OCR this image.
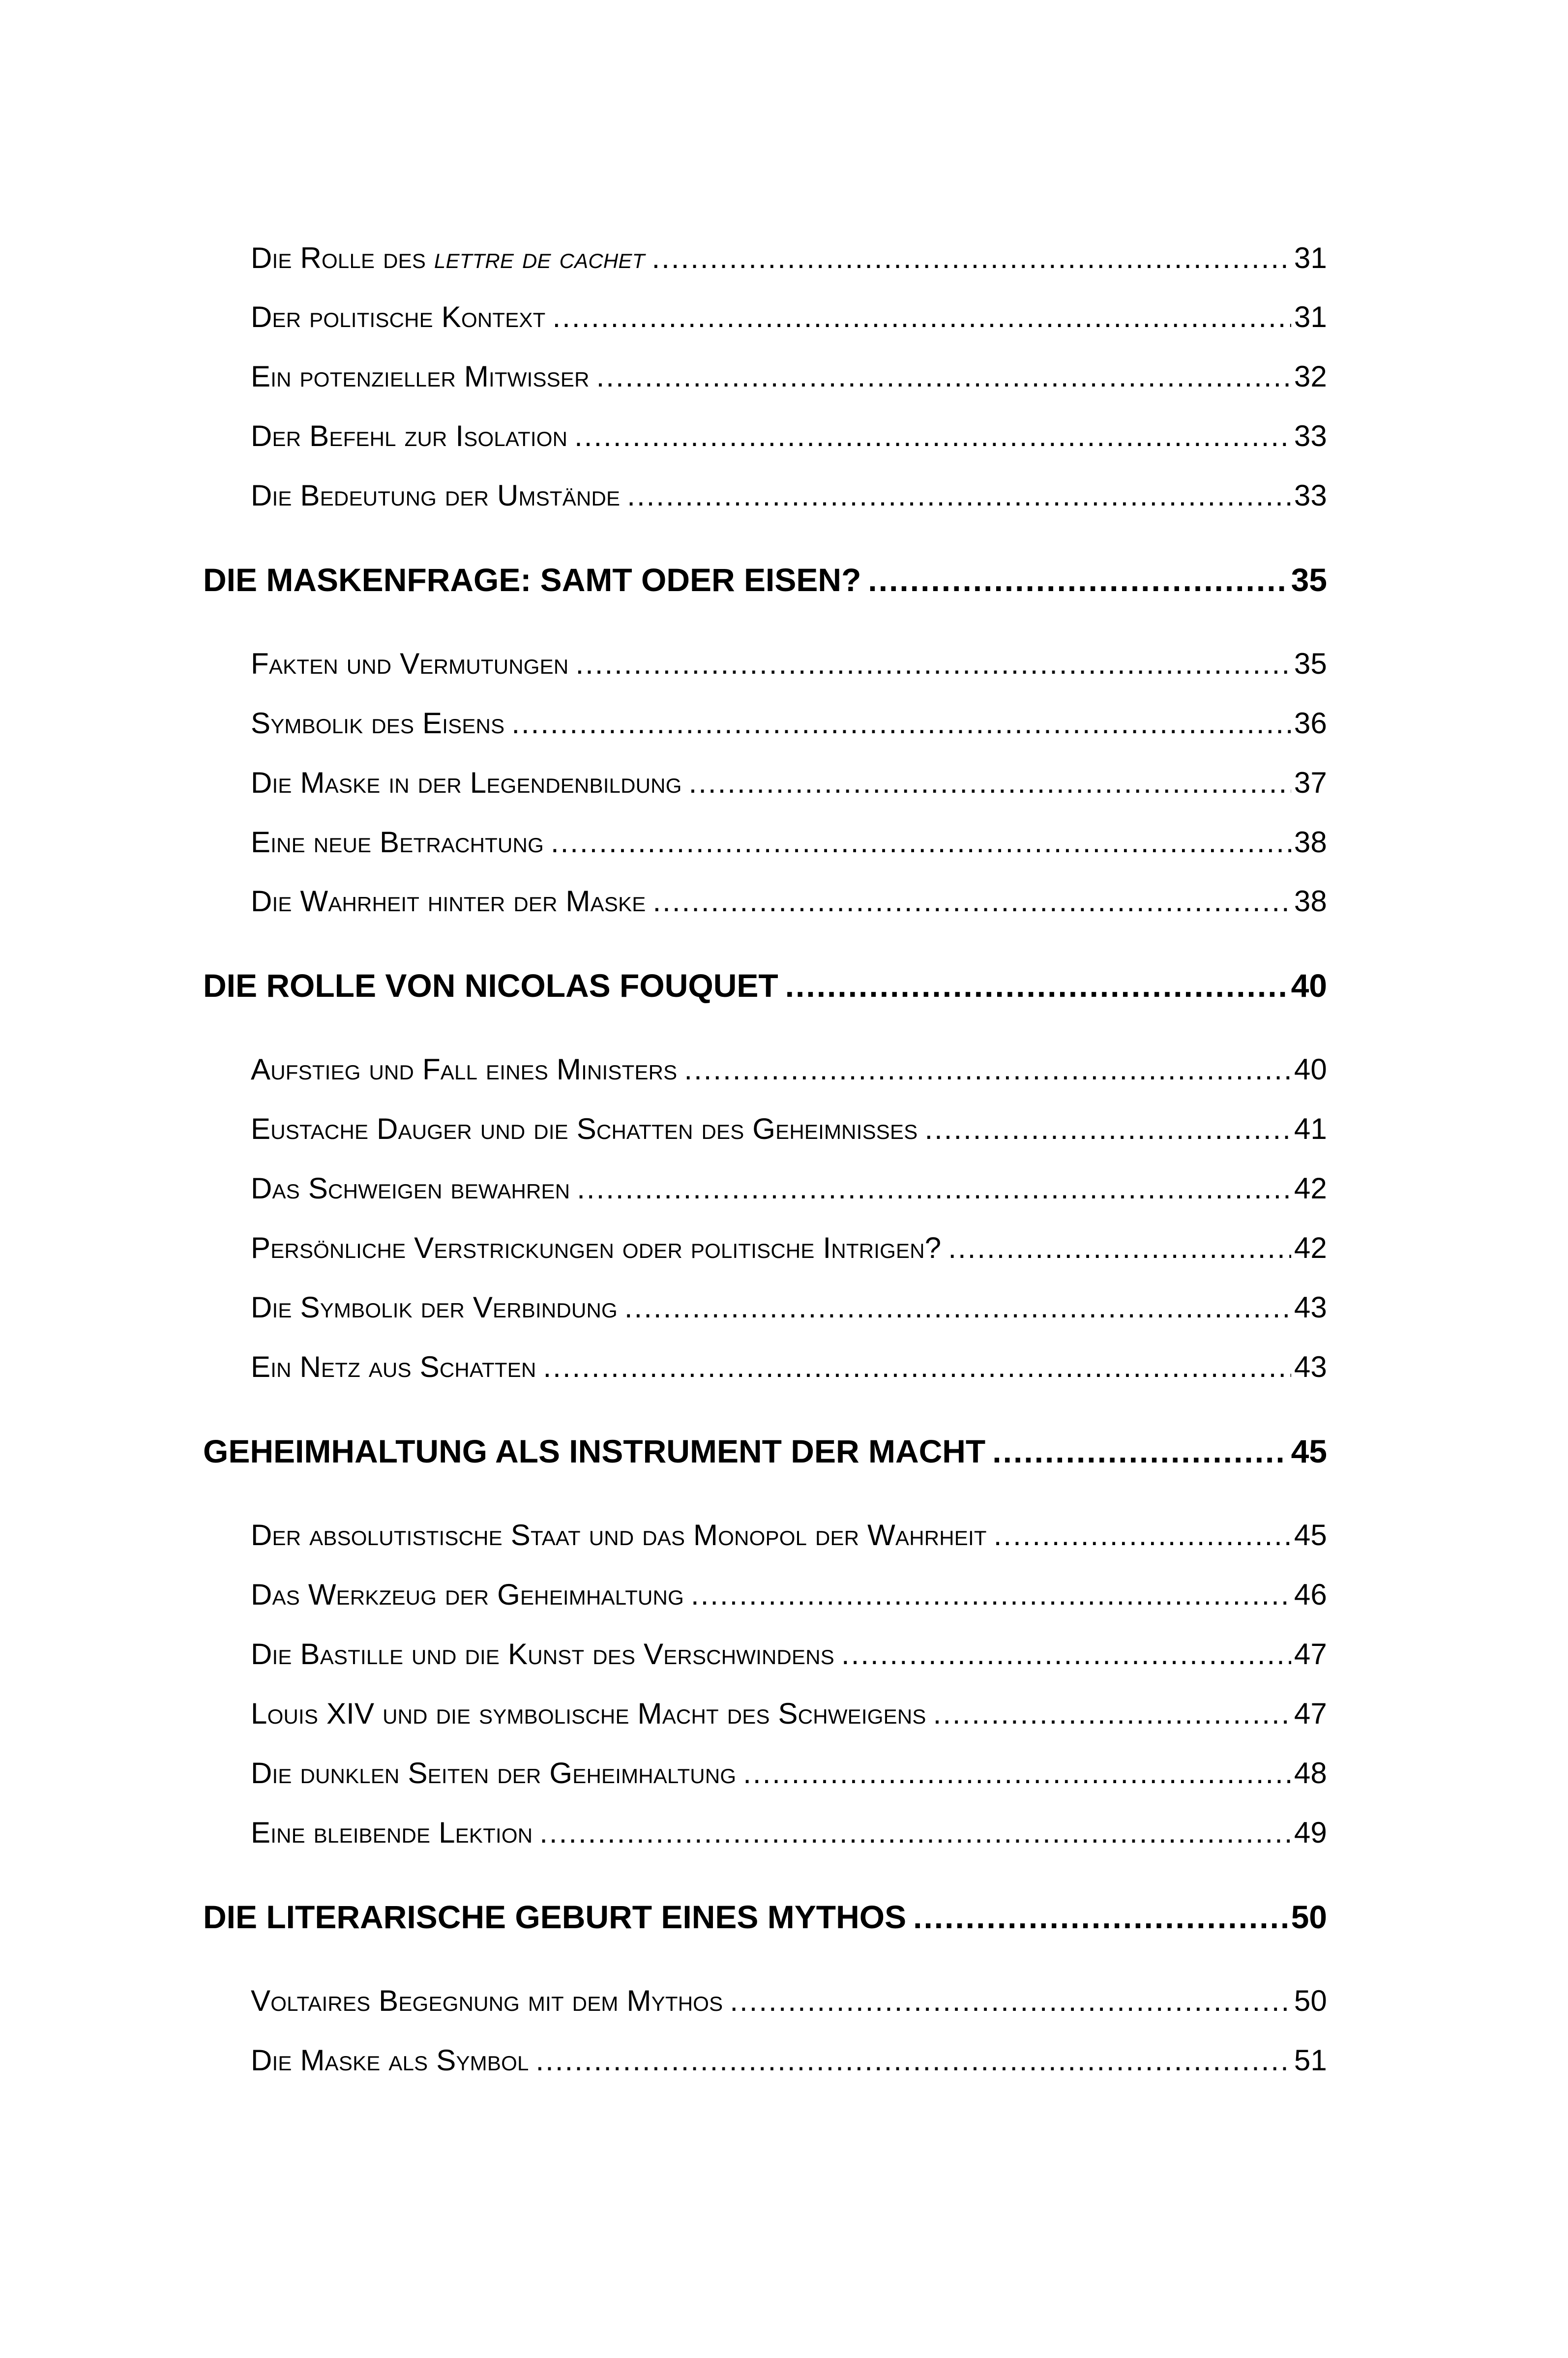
Die Rolle des lettre de cachet .....	31
Der politische Kontext .....	31
Ein potenzieller Mitwisser .....	32
Der Befehl zur Isolation .....	33
Die Bedeutung der Umstände .....	33
DIE MASKENFRAGE: SAMT ODER EISEN? .....	35
Fakten und Vermutungen .....	35
Symbolik des Eisens .....	36
Die Maske in der Legendenbildung .....	37
Eine neue Betrachtung .....	38
Die Wahrheit hinter der Maske .....	38
DIE ROLLE VON NICOLAS FOUQUET .....	40
Aufstieg und Fall eines Ministers .....	40
Eustache Dauger und die Schatten des Geheimnisses .....	41
Das Schweigen bewahren .....	42
Persönliche Verstrickungen oder politische Intrigen? .....	42
Die Symbolik der Verbindung .....	43
Ein Netz aus Schatten .....	43
GEHEIMHALTUNG ALS INSTRUMENT DER MACHT .....	45
Der absolutistische Staat und das Monopol der Wahrheit .....	45
Das Werkzeug der Geheimhaltung .....	46
Die Bastille und die Kunst des Verschwindens .....	47
Louis XIV und die symbolische Macht des Schweigens .....	47
Die dunklen Seiten der Geheimhaltung .....	48
Eine bleibende Lektion .....	49
DIE LITERARISCHE GEBURT EINES MYTHOS .....	50
Voltaires Begegnung mit dem Mythos .....	50
Die Maske als Symbol .....	51
